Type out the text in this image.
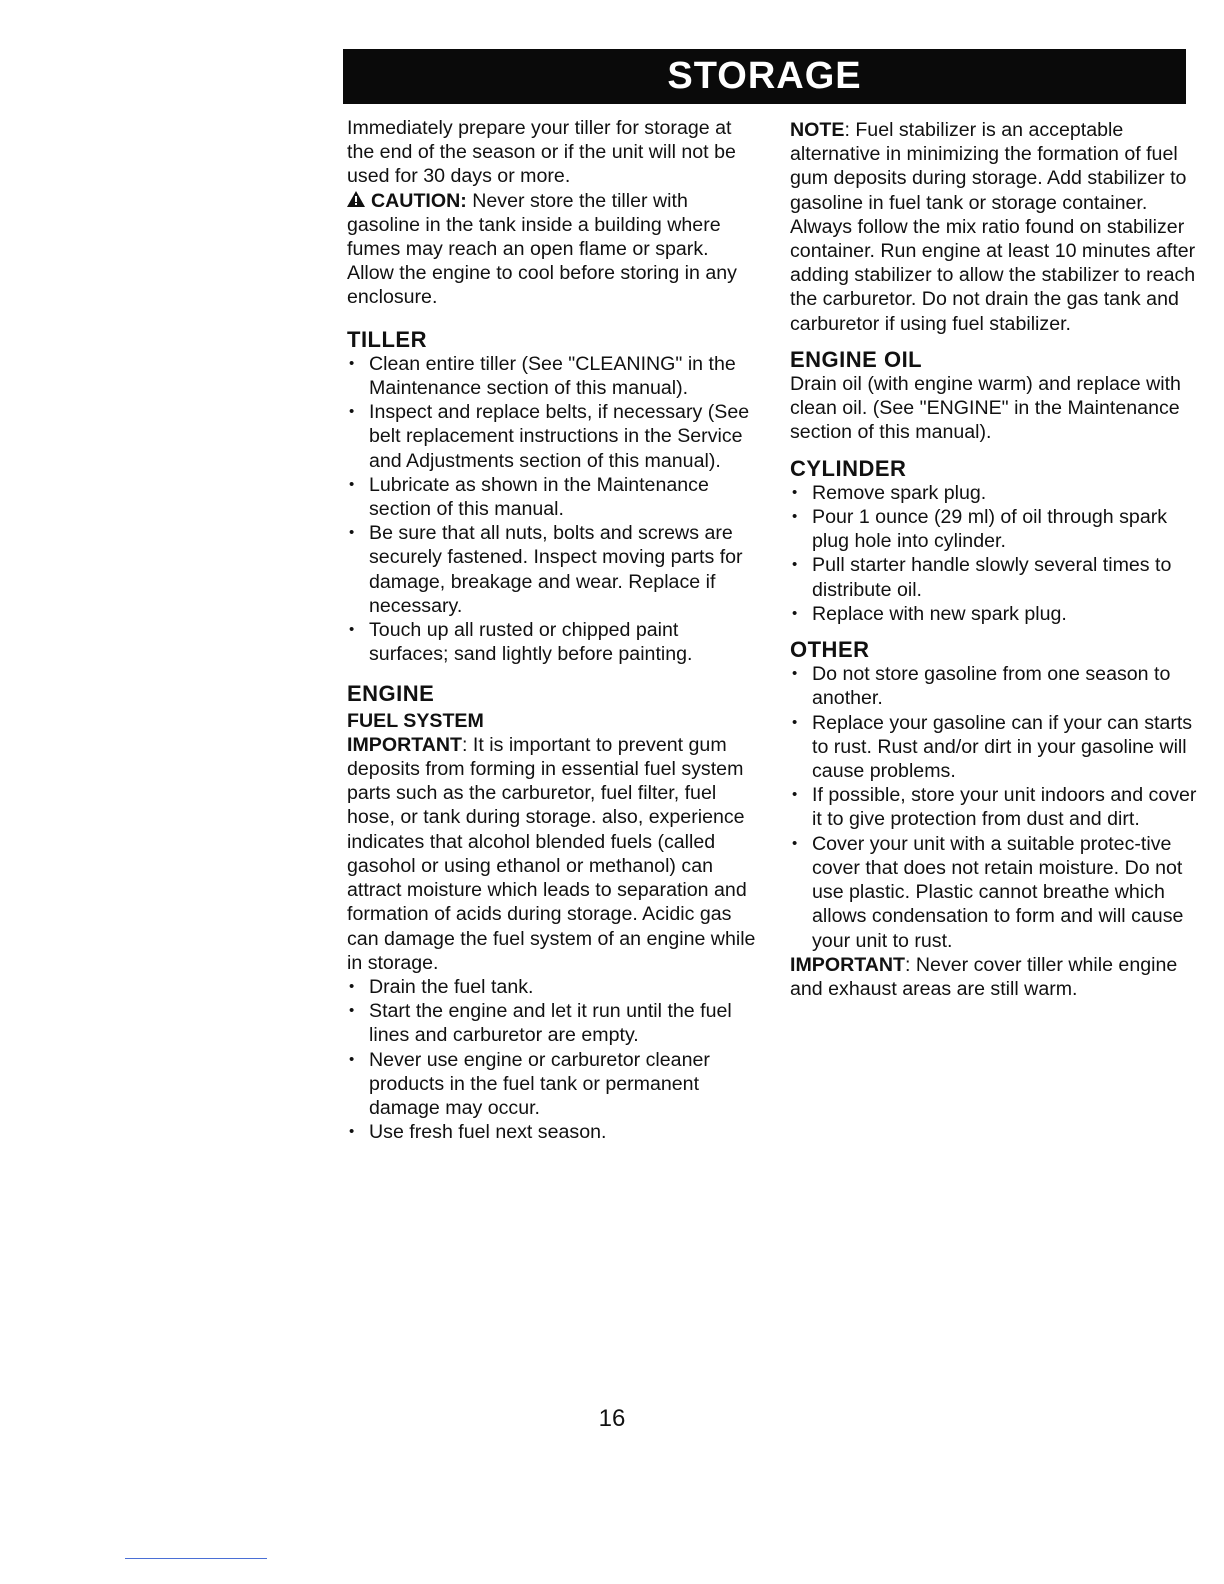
STORAGE

Immediately prepare your tiller for storage at the end of the season or if the unit will not be used for 30 days or more.

CAUTION: Never store the tiller with gasoline in the tank inside a building where fumes may reach an open flame or spark. Allow the engine to cool before storing in any enclosure.

TILLER
• Clean entire tiller (See "CLEANING" in the Maintenance section of this manual).
• Inspect and replace belts, if necessary (See belt replacement instructions in the Service and Adjustments section of this manual).
• Lubricate as shown in the Maintenance section of this manual.
• Be sure that all nuts, bolts and screws are securely fastened. Inspect moving parts for damage, breakage and wear. Replace if necessary.
• Touch up all rusted or chipped paint surfaces; sand lightly before painting.
ENGINE
FUEL SYSTEM

IMPORTANT: It is important to prevent gum deposits from forming in essential fuel system parts such as the carburetor, fuel filter, fuel hose, or tank during storage. also, experience indicates that alcohol blended fuels (called gasohol or using ethanol or methanol) can attract moisture which leads to separation and formation of acids during storage. Acidic gas can damage the fuel system of an engine while in storage.

• Drain the fuel tank.
• Start the engine and let it run until the fuel lines and carburetor are empty.
• Never use engine or carburetor cleaner products in the fuel tank or permanent damage may occur.
• Use fresh fuel next season.

NOTE: Fuel stabilizer is an acceptable alternative in minimizing the formation of fuel gum deposits during storage. Add stabilizer to gasoline in fuel tank or storage container. Always follow the mix ratio found on stabilizer container. Run engine at least 10 minutes after adding stabilizer to allow the stabilizer to reach the carburetor. Do not drain the gas tank and carburetor if using fuel stabilizer.

ENGINE OIL

Drain oil (with engine warm) and replace with clean oil. (See "ENGINE" in the Maintenance section of this manual).

CYLINDER
• Remove spark plug.
• Pour 1 ounce (29 ml) of oil through spark plug hole into cylinder.
• Pull starter handle slowly several times to distribute oil.
• Replace with new spark plug.
OTHER
• Do not store gasoline from one season to another.
• Replace your gasoline can if your can starts to rust. Rust and/or dirt in your gasoline will cause problems.
• If possible, store your unit indoors and cover it to give protection from dust and dirt.
• Cover your unit with a suitable protec-tive cover that does not retain moisture. Do not use plastic. Plastic cannot breathe which allows condensation to form and will cause your unit to rust.

IMPORTANT: Never cover tiller while engine and exhaust areas are still warm.

16
